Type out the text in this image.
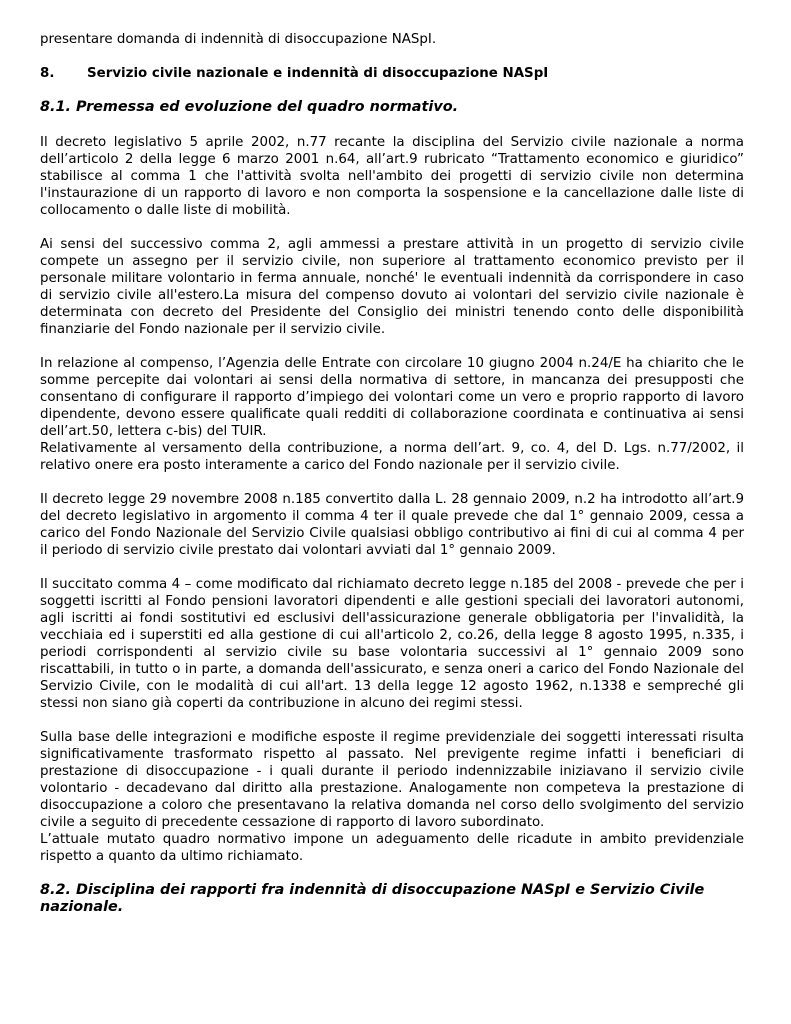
presentare domanda di indennità di disoccupazione NASpI.

8.	Servizio civile nazionale e indennità di disoccupazione NASpI
8.1. Premessa ed evoluzione del quadro normativo.

Il decreto legislativo 5 aprile 2002, n.77 recante la disciplina del Servizio civile nazionale a norma dell’articolo 2 della legge 6 marzo 2001 n.64, all’art.9 rubricato “Trattamento economico e giuridico” stabilisce al comma 1 che l'attività svolta nell'ambito dei progetti di servizio civile non determina l'instaurazione di un rapporto di lavoro e non comporta la sospensione e la cancellazione dalle liste di collocamento o dalle liste di mobilità.

Ai sensi del successivo comma 2, agli ammessi a prestare attività in un progetto di servizio civile compete un assegno per il servizio civile, non superiore al trattamento economico previsto per il personale militare volontario in ferma annuale, nonché' le eventuali indennità da corrispondere in caso di servizio civile all'estero.La misura del compenso dovuto ai volontari del servizio civile nazionale è determinata con decreto del Presidente del Consiglio dei ministri tenendo conto delle disponibilità finanziarie del Fondo nazionale per il servizio civile.

In relazione al compenso, l’Agenzia delle Entrate con circolare 10 giugno 2004 n.24/E ha chiarito che le somme percepite dai volontari ai sensi della normativa di settore, in mancanza dei presupposti che consentano di configurare il rapporto d’impiego dei volontari come un vero e proprio rapporto di lavoro dipendente, devono essere qualificate quali redditi di collaborazione coordinata e continuativa ai sensi dell’art.50, lettera c-bis) del TUIR.

Relativamente al versamento della contribuzione, a norma dell’art. 9, co. 4, del D. Lgs. n.77/2002, il relativo onere era posto interamente a carico del Fondo nazionale per il servizio civile.

Il decreto legge 29 novembre 2008 n.185 convertito dalla L. 28 gennaio 2009, n.2 ha introdotto all’art.9 del decreto legislativo in argomento il comma 4 ter il quale prevede che dal 1° gennaio 2009, cessa a carico del Fondo Nazionale del Servizio Civile qualsiasi obbligo contributivo ai fini di cui al comma 4 per il periodo di servizio civile prestato dai volontari avviati dal 1° gennaio 2009.

Il succitato comma 4 – come modificato dal richiamato decreto legge n.185 del 2008 - prevede che per i soggetti iscritti al Fondo pensioni lavoratori dipendenti e alle gestioni speciali dei lavoratori autonomi, agli iscritti ai fondi sostitutivi ed esclusivi dell'assicurazione generale obbligatoria per l'invalidità, la vecchiaia ed i superstiti ed alla gestione di cui all'articolo 2, co.26, della legge 8 agosto 1995, n.335, i periodi corrispondenti al servizio civile su base volontaria successivi al 1° gennaio 2009 sono riscattabili, in tutto o in parte, a domanda dell'assicurato, e senza oneri a carico del Fondo Nazionale del Servizio Civile, con le modalità di cui all'art. 13 della legge 12 agosto 1962, n.1338 e sempreché gli stessi non siano già coperti da contribuzione in alcuno dei regimi stessi.

Sulla base delle integrazioni e modifiche esposte il regime previdenziale dei soggetti interessati risulta significativamente trasformato rispetto al passato. Nel previgente regime infatti i beneficiari di prestazione di disoccupazione - i quali durante il periodo indennizzabile iniziavano il servizio civile volontario - decadevano dal diritto alla prestazione. Analogamente non competeva la prestazione di disoccupazione a coloro che presentavano la relativa domanda nel corso dello svolgimento del servizio civile a seguito di precedente cessazione di rapporto di lavoro subordinato.

L’attuale mutato quadro normativo impone un adeguamento delle ricadute in ambito previdenziale rispetto a quanto da ultimo richiamato.

8.2. Disciplina dei rapporti fra indennità di disoccupazione NASpI e Servizio Civile nazionale.
